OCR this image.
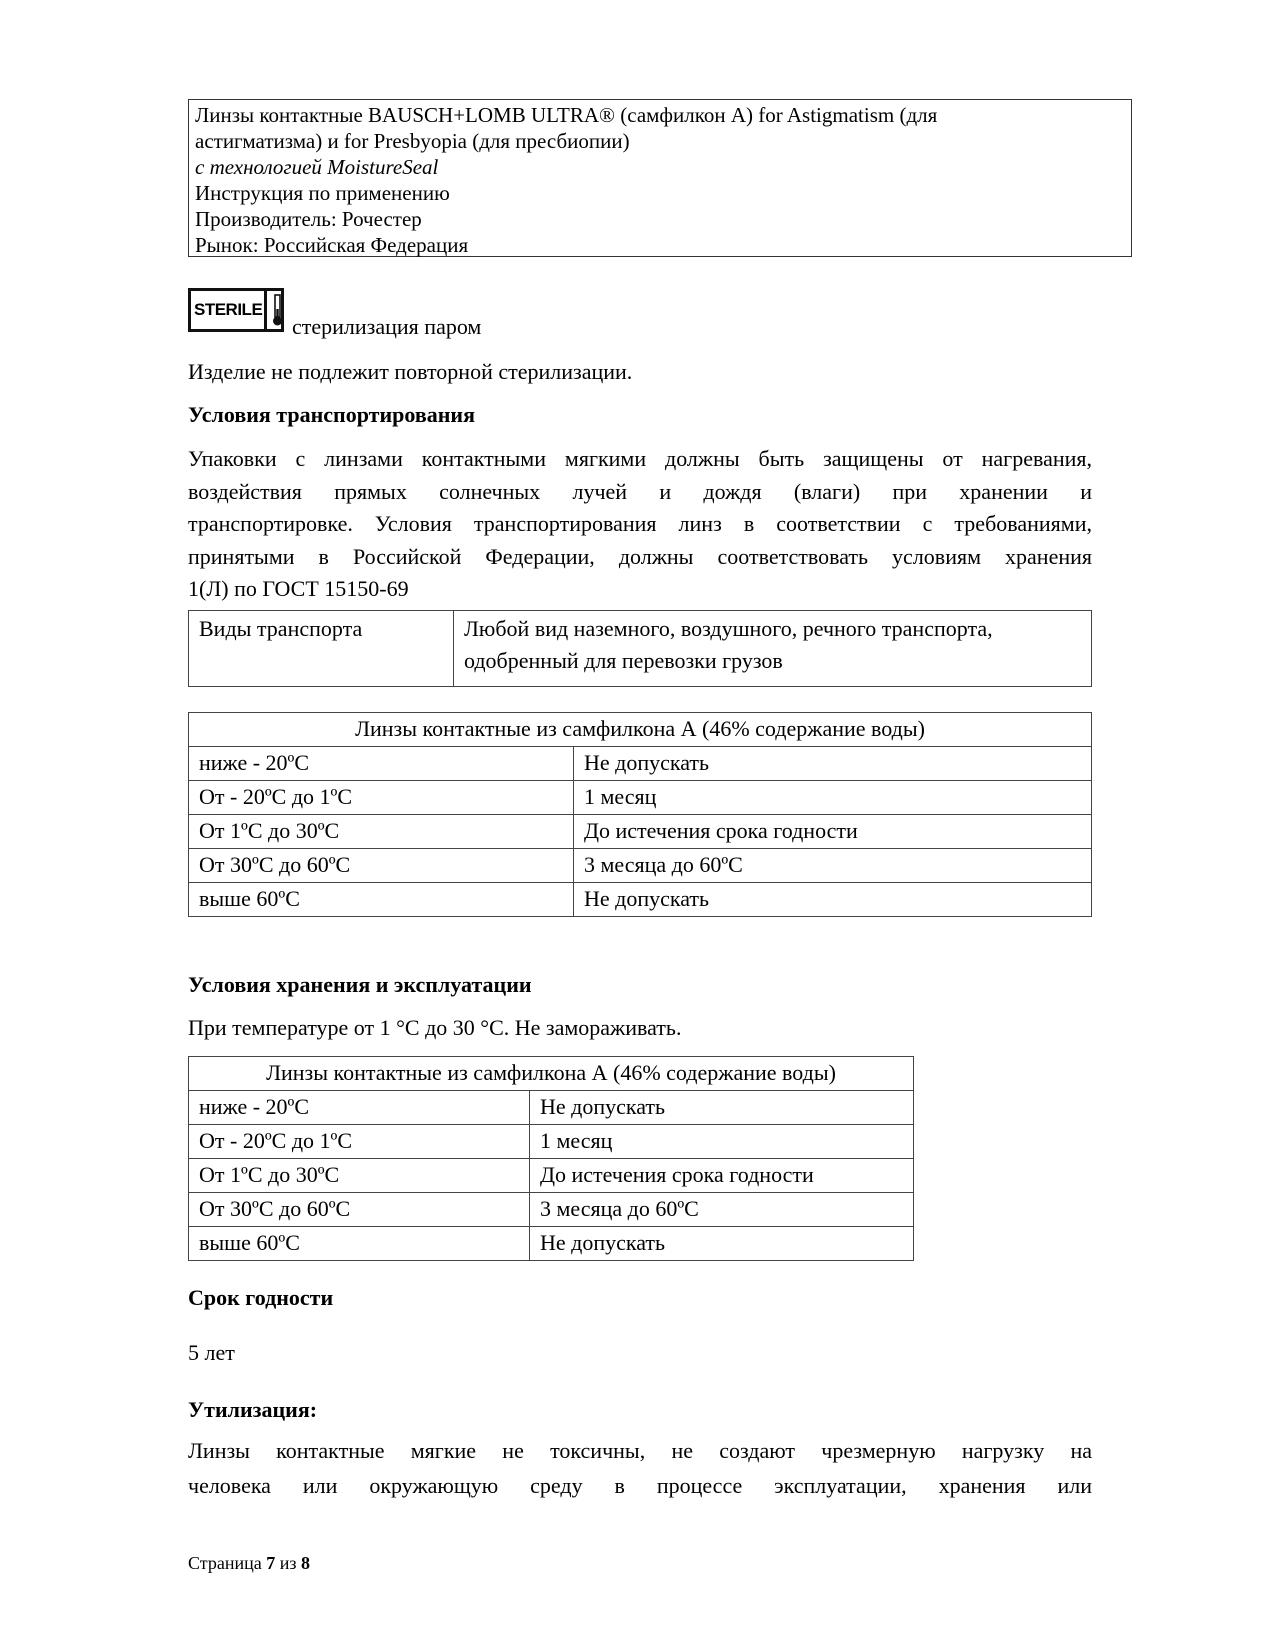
Линзы контактные BAUSCH+LOMB ULTRA® (самфилкон A) for Astigmatism (для
астигматизма) и for Presbyopia (для пресбиопии)
с технологией MoistureSeal
Инструкция по применению
Производитель: Рочестер
Рынок: Российская Федерация
STERILE
стерилизация паром
Изделие не подлежит повторной стерилизации.
Условия транспортирования
Упаковки с линзами контактными мягкими должны быть защищены от нагревания,
воздействия прямых солнечных лучей и дождя (влаги) при хранении и
транспортировке. Условия транспортирования линз в соответствии с требованиями,
принятыми в Российской Федерации, должны соответствовать условиям хранения
1(Л) по ГОСТ 15150-69
Виды транспорта	Любой вид наземного, воздушного, речного транспорта, одобренный для перевозки грузов
Линзы контактные из самфилкона А (46% содержание воды)	
ниже - 20ºС	Не допускать
От - 20ºС до 1ºС	1 месяц
От 1ºС до 30ºС	До истечения срока годности
От 30ºС до 60ºС	3 месяца до 60ºС
выше 60ºС	Не допускать
Условия хранения и эксплуатации
При температуре от 1 °С до 30 °С. Не замораживать.
Линзы контактные из самфилкона А (46% содержание воды)	
ниже - 20ºС	Не допускать
От - 20ºС до 1ºС	1 месяц
От 1ºС до 30ºС	До истечения срока годности
От 30ºС до 60ºС	3 месяца до 60ºС
выше 60ºС	Не допускать
Срок годности
5 лет
Утилизация:
Линзы контактные мягкие не токсичны, не создают чрезмерную нагрузку на
человека или окружающую среду в процессе эксплуатации, хранения или
Страница 7 из 8
